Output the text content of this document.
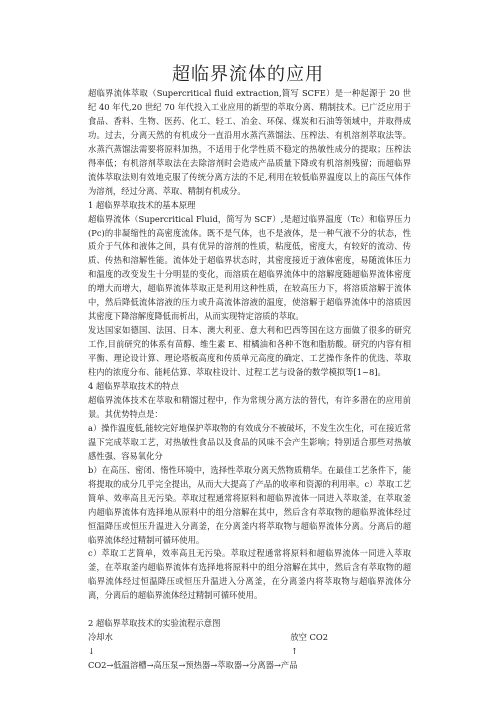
超临界流体的应用

超临界流体萃取（Supercritical fluid extraction,简写 SCFE）是一种起源于 20 世纪 40 年代,20 世纪 70 年代投入工业应用的新型的萃取分离、精制技术。已广泛应用于食品、香料、生物、医药、化工、轻工、冶金、环保、煤炭和石油等领域中，并取得成功。过去，分离天然的有机成分一直沿用水蒸汽蒸馏法、压榨法、有机溶剂萃取法等。水蒸汽蒸馏法需要将原料加热，不适用于化学性质不稳定的热敏性成分的提取；压榨法得率低；有机溶剂萃取法在去除溶剂时会造成产品质量下降或有机溶剂残留；而超临界流体萃取法则有效地克服了传统分离方法的不足,利用在较低临界温度以上的高压气体作为溶剂，经过分离、萃取、精制有机成分。

1 超临界萃取技术的基本原理

超临界流体（Supercritical Fluid，简写为 SCF）,是超过临界温度（Tc）和临界压力(Pc)的非凝缩性的高密度流体。既不是气体，也不是液体，是一种气液不分的状态，性质介于气体和液体之间，具有优异的溶剂的性质，粘度低，密度大，有较好的流动、传质、传热和溶解性能。流体处于超临界状态时，其密度接近于液体密度，易随流体压力和温度的改变发生十分明显的变化，而溶质在超临界流体中的溶解度随超临界流体密度的增大而增大，超临界流体萃取正是利用这种性质，在较高压力下，将溶质溶解于流体中，然后降低流体溶液的压力或升高流体溶液的温度，使溶解于超临界流体中的溶质因其密度下降溶解度降低而析出，从而实现特定溶质的萃取。

发达国家如德国、法国、日本、澳大利亚、意大利和巴西等国在这方面做了很多的研究工作,目前研究的体系有苗醇、维生素 E、柑橘油和各种不饱和脂肪酸。研究的内容有相平衡、理论设计算、理论塔板高度和传质单元高度的确定、工艺操作条件的优选、萃取柱内的浓度分布、能耗估算、萃取柱设计、过程工艺与设备的数学模拟等[1~8]。

4 超临界萃取技术的特点

超临界流体技术在萃取和精馏过程中，作为常规分离方法的替代，有许多潜在的应用前景。其优势特点是：

a）操作温度低,能较完好地保护萃取物的有效成分不被破坏，不发生次生化，可在接近常温下完成萃取工艺，对热敏性食品以及食品的风味不会产生影响；特别适合那些对热敏感性强、容易氧化分

b）在高压、密闭、惰性环境中，选择性萃取分离天然物质精华。在最佳工艺条件下，能将提取的成分几乎完全提出，从而大大提高了产品的收率和资源的利用率。c）萃取工艺简单、效率高且无污染。萃取过程通常将原料和超临界流体一同进入萃取釜，在萃取釜内超临界流体有选择地从原料中的组分溶解在其中，然后含有萃取物的超临界流体经过恒温降压或恒压升温进入分离釜，在分离釜内将萃取物与超临界流体分离。分离后的超临界流体经过精制可循环使用。

c）萃取工艺简单，效率高且无污染。萃取过程通常将原料和超临界流体一同进入萃取釜，在萃取釜内超临界流体有选择地将原料中的组分溶解在其中，然后含有萃取物的超临界流体经过恒温降压或恒压升温进入分离釜，在分离釜内将萃取物与超临界流体分离，分离后的超临界流体经过精制可循环使用。

2 超临界萃取技术的实验流程示意图

冷却水	放空 CO2
↓	↑

CO2→低温溶槽→高压泵→预热器→萃取器→分离器→产品
